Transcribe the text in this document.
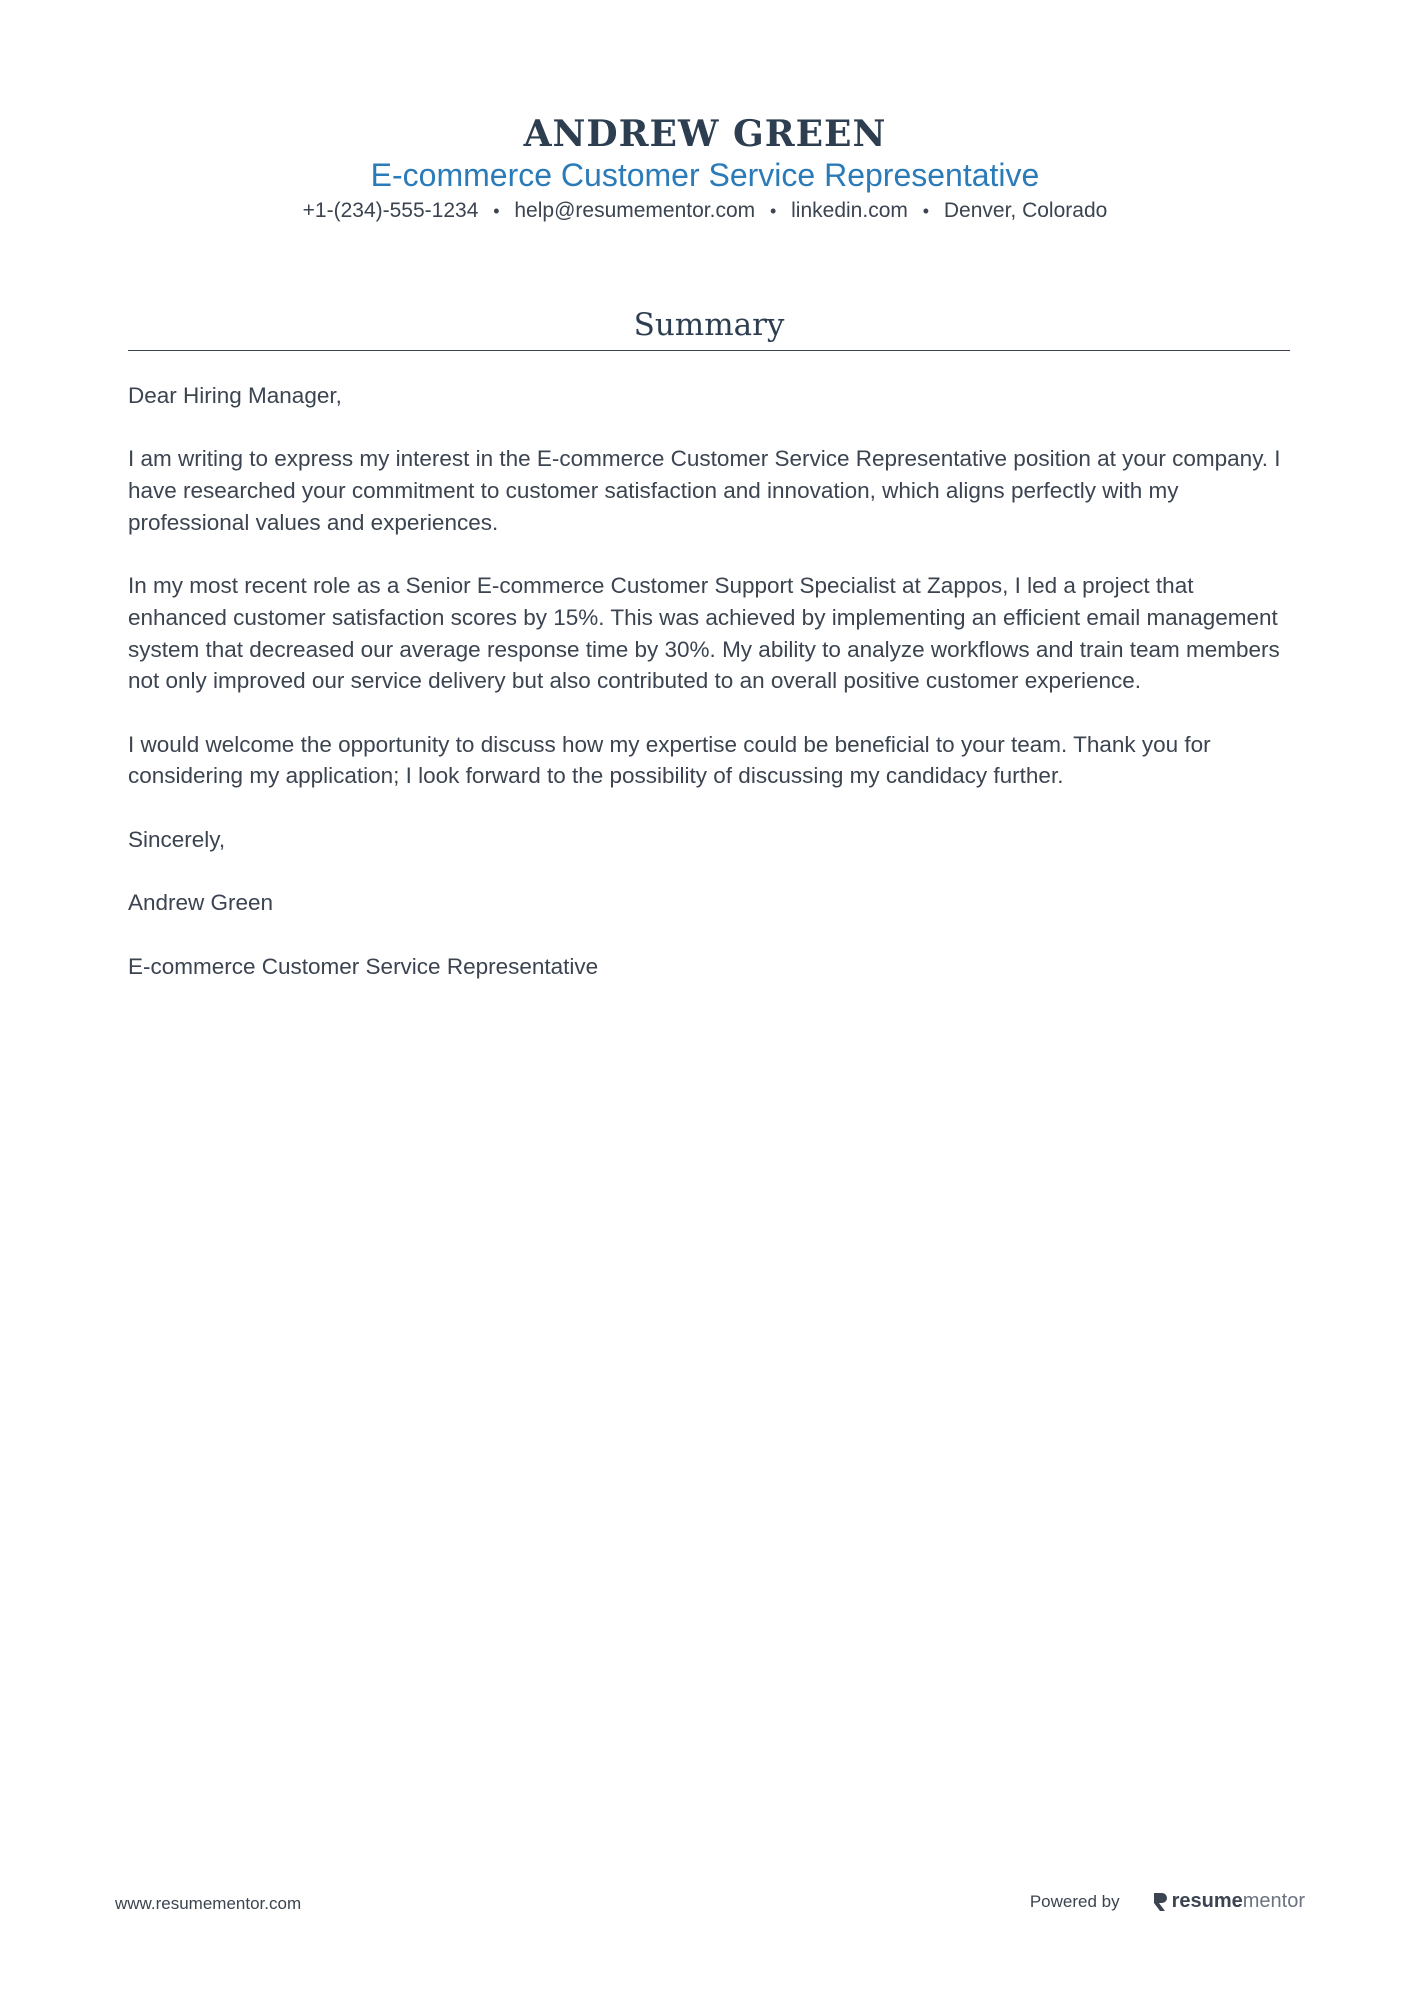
ANDREW GREEN
E-commerce Customer Service Representative
+1-(234)-555-1234 • help@resumementor.com • linkedin.com • Denver, Colorado
Summary

Dear Hiring Manager,

I am writing to express my interest in the E-commerce Customer Service Representative position at your company. I have researched your commitment to customer satisfaction and innovation, which aligns perfectly with my professional values and experiences.

In my most recent role as a Senior E-commerce Customer Support Specialist at Zappos, I led a project that enhanced customer satisfaction scores by 15%. This was achieved by implementing an efficient email management system that decreased our average response time by 30%. My ability to analyze workflows and train team members not only improved our service delivery but also contributed to an overall positive customer experience.

I would welcome the opportunity to discuss how my expertise could be beneficial to your team. Thank you for considering my application; I look forward to the possibility of discussing my candidacy further.

Sincerely,

Andrew Green

E-commerce Customer Service Representative

www.resumementor.com	Powered by	resume mentor
